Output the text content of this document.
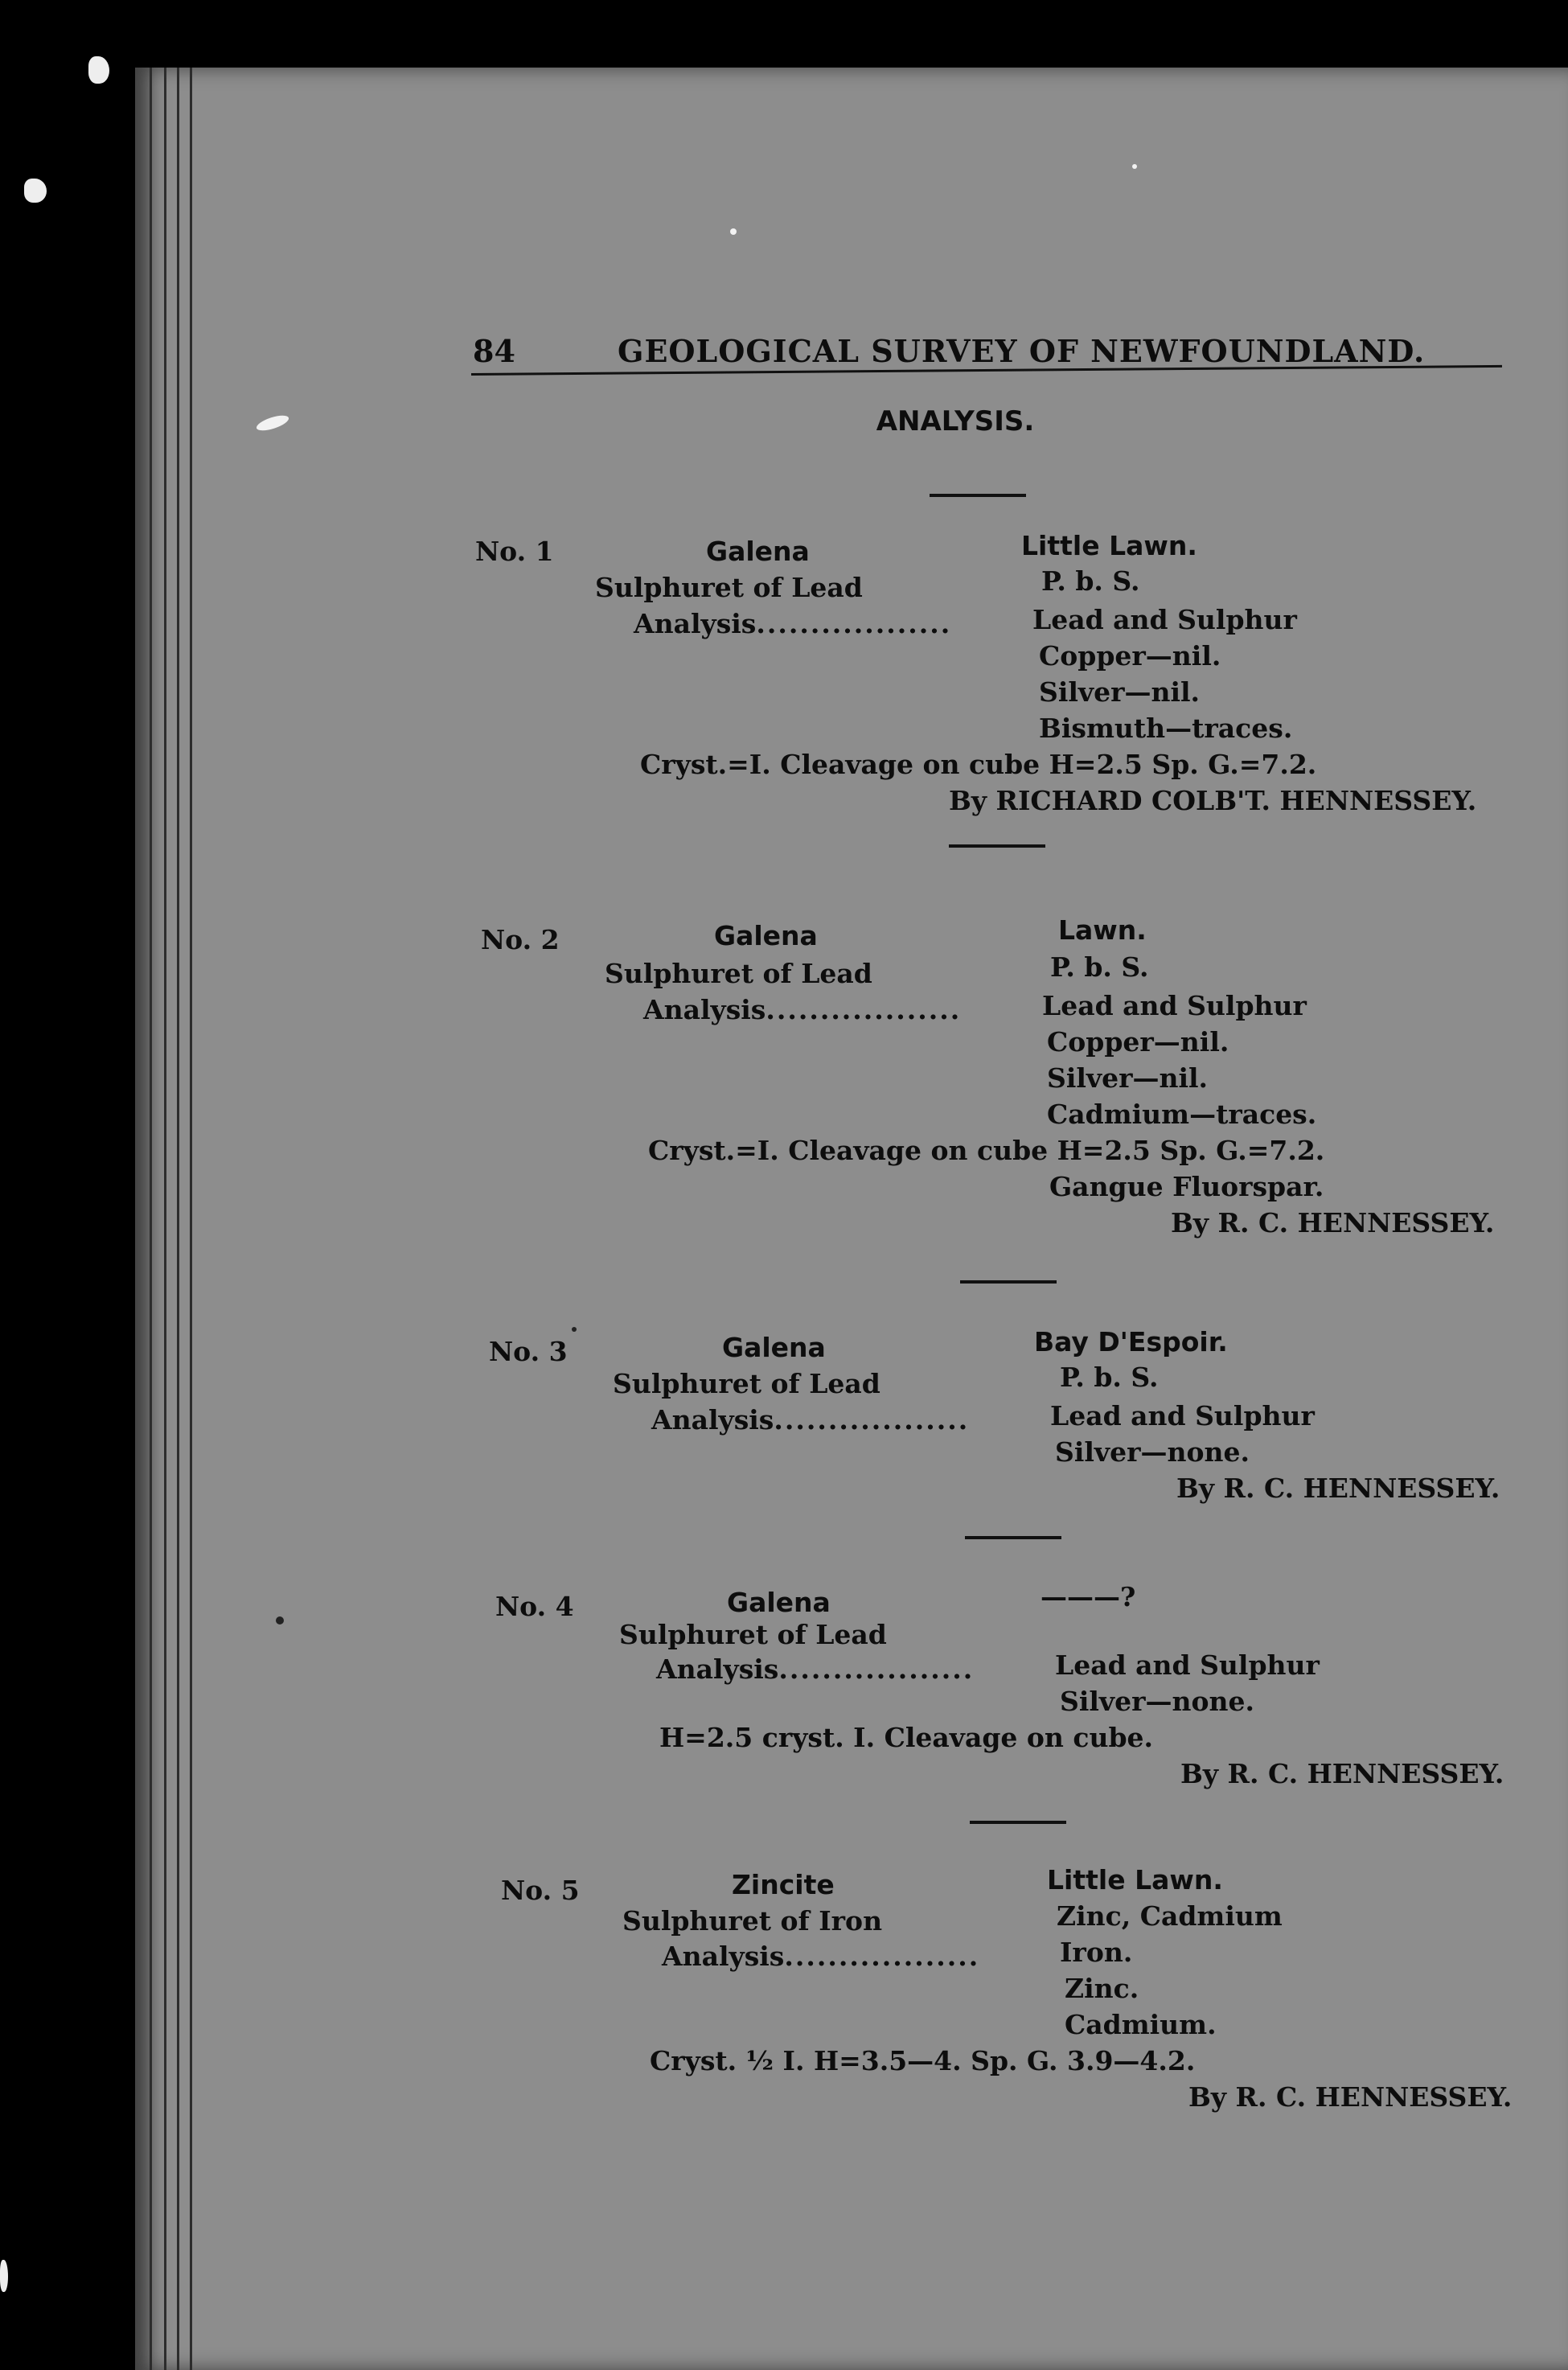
84	GEOLOGICAL SURVEY OF NEWFOUNDLAND.
ANALYSIS.
No. 1	Galena	Little Lawn.
Sulphuret of Lead	P. b. S.
Analysis..................	Lead and Sulphur
Copper—nil.
Silver—nil.
Bismuth—traces.
Cryst.=I. Cleavage on cube H=2.5 Sp. G.=7.2.
By RICHARD COLB'T. HENNESSEY.
No. 2	Galena	Lawn.
Sulphuret of Lead	P. b. S.
Analysis..................	Lead and Sulphur
Copper—nil.
Silver—nil.
Cadmium—traces.
Cryst.=I. Cleavage on cube H=2.5 Sp. G.=7.2.
Gangue Fluorspar.
By R. C. HENNESSEY.
No. 3	Galena	Bay D'Espoir.
Sulphuret of Lead	P. b. S.
Analysis..................	Lead and Sulphur
Silver—none.
By R. C. HENNESSEY.
No. 4	Galena	———?
Sulphuret of Lead
Analysis..................	Lead and Sulphur
Silver—none.
H=2.5 cryst. I. Cleavage on cube.
By R. C. HENNESSEY.
No. 5	Zincite	Little Lawn.
Sulphuret of Iron	Zinc, Cadmium
Analysis..................	Iron.
Zinc.
Cadmium.
Cryst. ½ I. H=3.5—4. Sp. G. 3.9—4.2.
By R. C. HENNESSEY.
